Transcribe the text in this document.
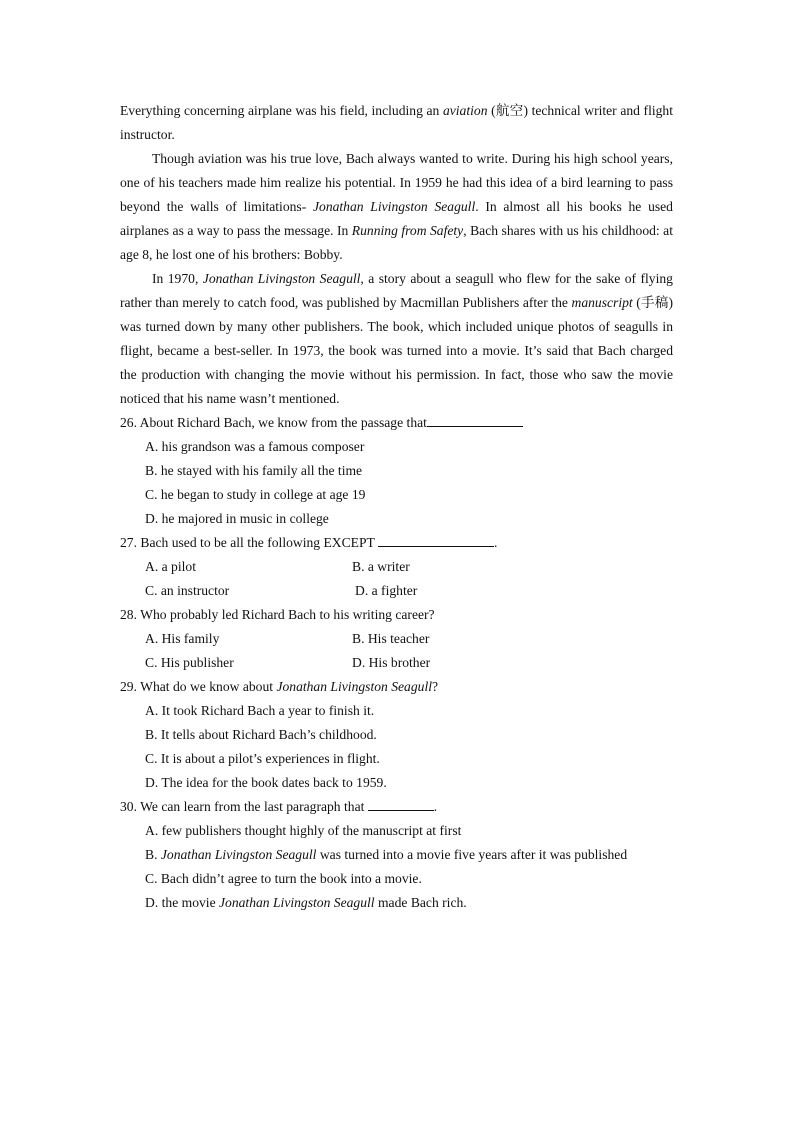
Everything concerning airplane was his field, including an aviation (航空) technical writer and flight instructor.

Though aviation was his true love, Bach always wanted to write. During his high school years, one of his teachers made him realize his potential. In 1959 he had this idea of a bird learning to pass beyond the walls of limitations- Jonathan Livingston Seagull. In almost all his books he used airplanes as a way to pass the message. In Running from Safety, Bach shares with us his childhood: at age 8, he lost one of his brothers: Bobby.

In 1970, Jonathan Livingston Seagull, a story about a seagull who flew for the sake of flying rather than merely to catch food, was published by Macmillan Publishers after the manuscript (手稿) was turned down by many other publishers. The book, which included unique photos of seagulls in flight, became a best-seller. In 1973, the book was turned into a movie. It’s said that Bach charged the production with changing the movie without his permission. In fact, those who saw the movie noticed that his name wasn’t mentioned.

26. About Richard Bach, we know from the passage that

A. his grandson was a famous composer

B. he stayed with his family all the time

C. he began to study in college at age 19

D. he majored in music in college

27. Bach used to be all the following EXCEPT	.

A. a pilot	B. a writer
C. an instructor	D. a fighter

28. Who probably led Richard Bach to his writing career?

A. His family	B. His teacher
C. His publisher	D. His brother

29. What do we know about Jonathan Livingston Seagull?

A. It took Richard Bach a year to finish it.

B. It tells about Richard Bach’s childhood.

C. It is about a pilot’s experiences in flight.

D. The idea for the book dates back to 1959.

30. We can learn from the last paragraph that	.

A. few publishers thought highly of the manuscript at first

B. Jonathan Livingston Seagull was turned into a movie five years after it was published

C. Bach didn’t agree to turn the book into a movie.

D. the movie Jonathan Livingston Seagull made Bach rich.
